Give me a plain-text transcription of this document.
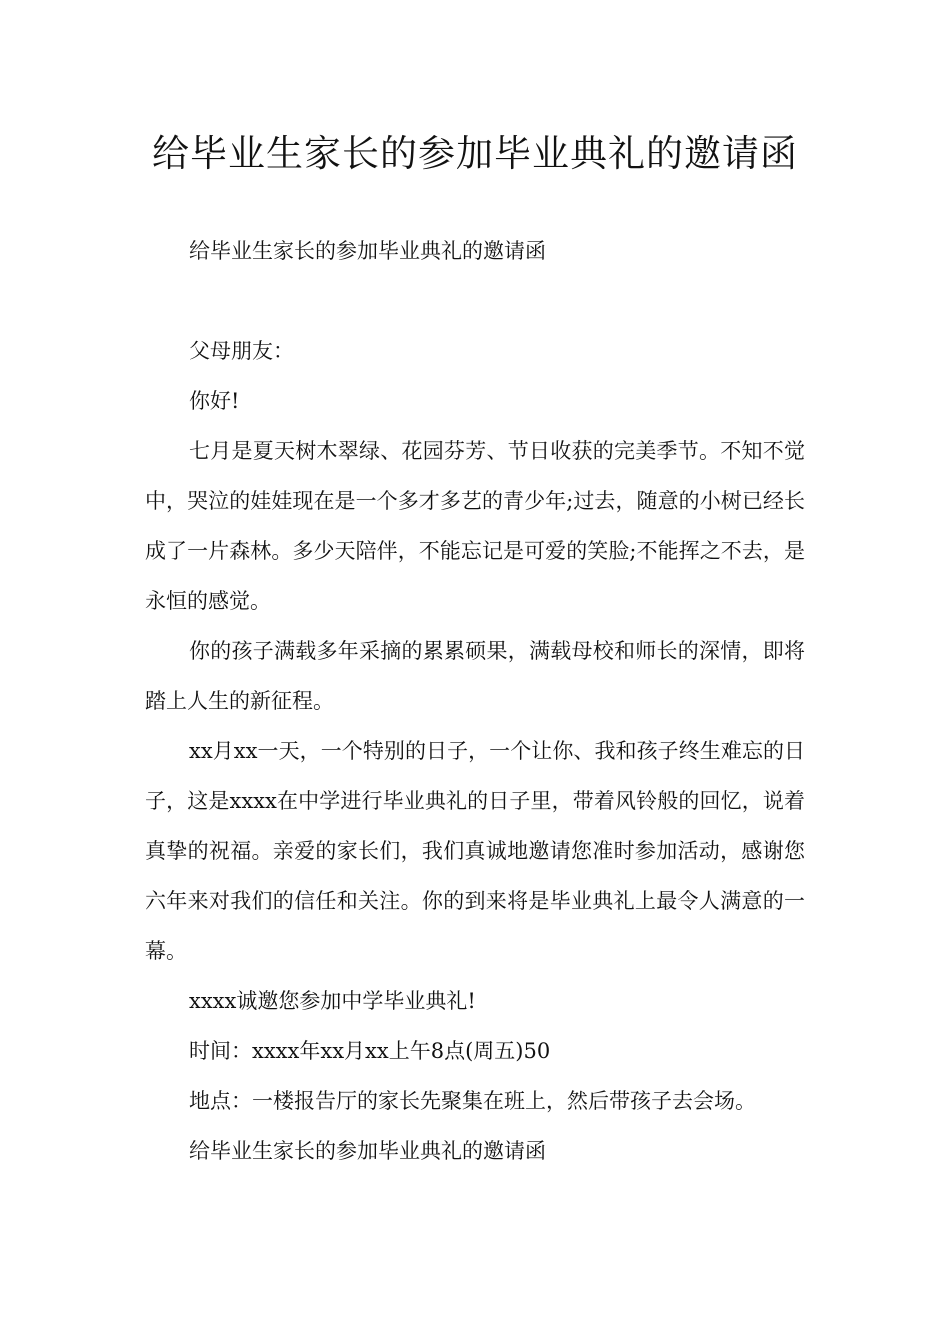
给毕业生家长的参加毕业典礼的邀请函

给毕业生家长的参加毕业典礼的邀请函

父母朋友：

你好!

七月是夏天树木翠绿、花园芬芳、节日收获的完美季节。不知不觉中，哭泣的娃娃现在是一个多才多艺的青少年;过去，随意的小树已经长成了一片森林。多少天陪伴，不能忘记是可爱的笑脸;不能挥之不去，是永恒的感觉。

你的孩子满载多年采摘的累累硕果，满载母校和师长的深情，即将踏上人生的新征程。

xx月xx一天，一个特别的日子，一个让你、我和孩子终生难忘的日子，这是xxxx在中学进行毕业典礼的日子里，带着风铃般的回忆，说着真挚的祝福。亲爱的家长们，我们真诚地邀请您准时参加活动，感谢您六年来对我们的信任和关注。你的到来将是毕业典礼上最令人满意的一幕。

xxxx诚邀您参加中学毕业典礼!

时间：xxxx年xx月xx上午8点(周五)50

地点：一楼报告厅的家长先聚集在班上，然后带孩子去会场。

给毕业生家长的参加毕业典礼的邀请函
